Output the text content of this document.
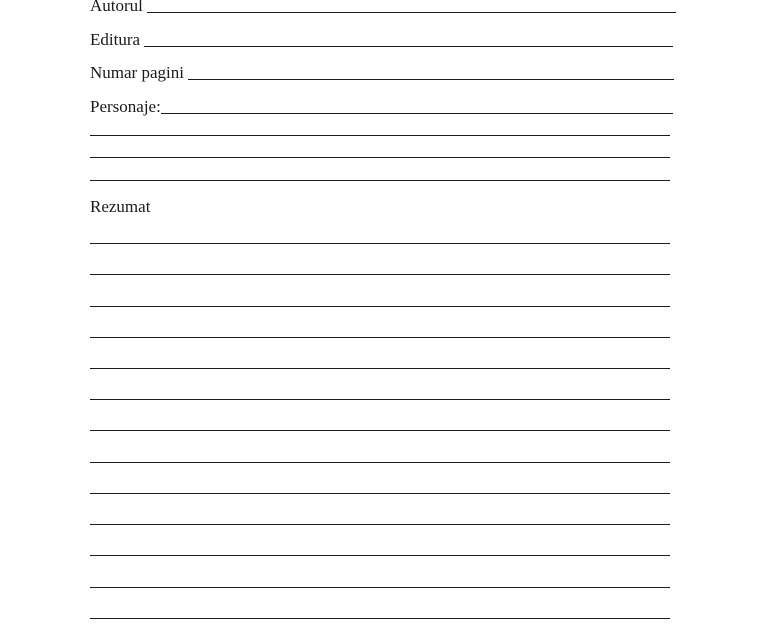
Autorul
Editura
Numar pagini
Personaje:
Rezumat
